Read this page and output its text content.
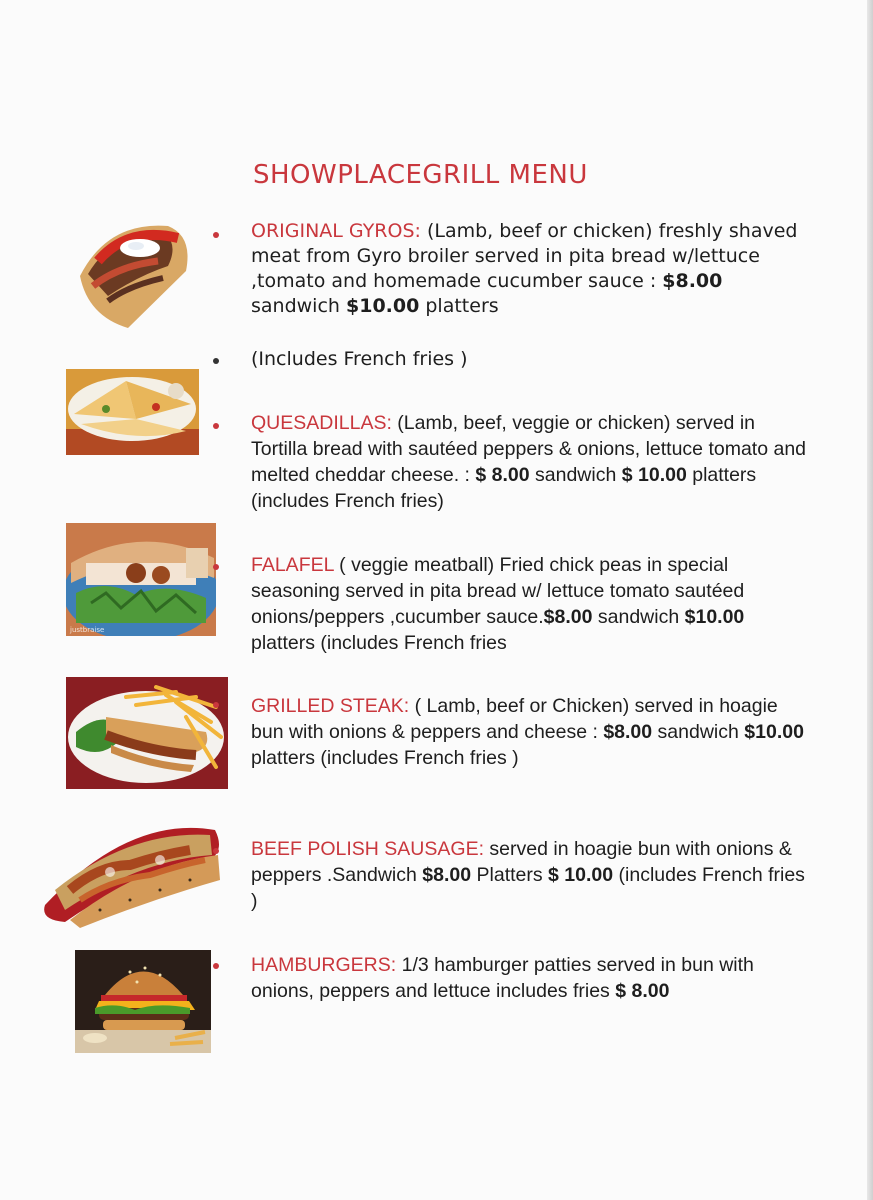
SHOWPLACEGRILL MENU
ORIGINAL GYROS: (Lamb, beef or chicken) freshly shaved meat from Gyro broiler served in pita bread w/lettuce ,tomato and homemade cucumber sauce : $8.00 sandwich $10.00 platters
(Includes French fries )
QUESADILLAS: (Lamb, beef, veggie or chicken) served in Tortilla bread with sautéed peppers & onions, lettuce tomato and melted cheddar cheese. : $ 8.00 sandwich $ 10.00 platters (includes French fries)
justbraise
FALAFEL ( veggie meatball) Fried chick peas in special seasoning served in pita bread w/ lettuce tomato sautéed onions/peppers ,cucumber sauce.$8.00 sandwich $10.00 platters (includes French fries
GRILLED STEAK: ( Lamb, beef or Chicken) served in hoagie bun with onions & peppers and cheese : $8.00 sandwich $10.00 platters (includes French fries )
BEEF POLISH SAUSAGE: served in hoagie bun with onions & peppers .Sandwich $8.00 Platters $ 10.00 (includes French fries )
HAMBURGERS: 1/3 hamburger patties served in bun with onions, peppers and lettuce includes fries $ 8.00
